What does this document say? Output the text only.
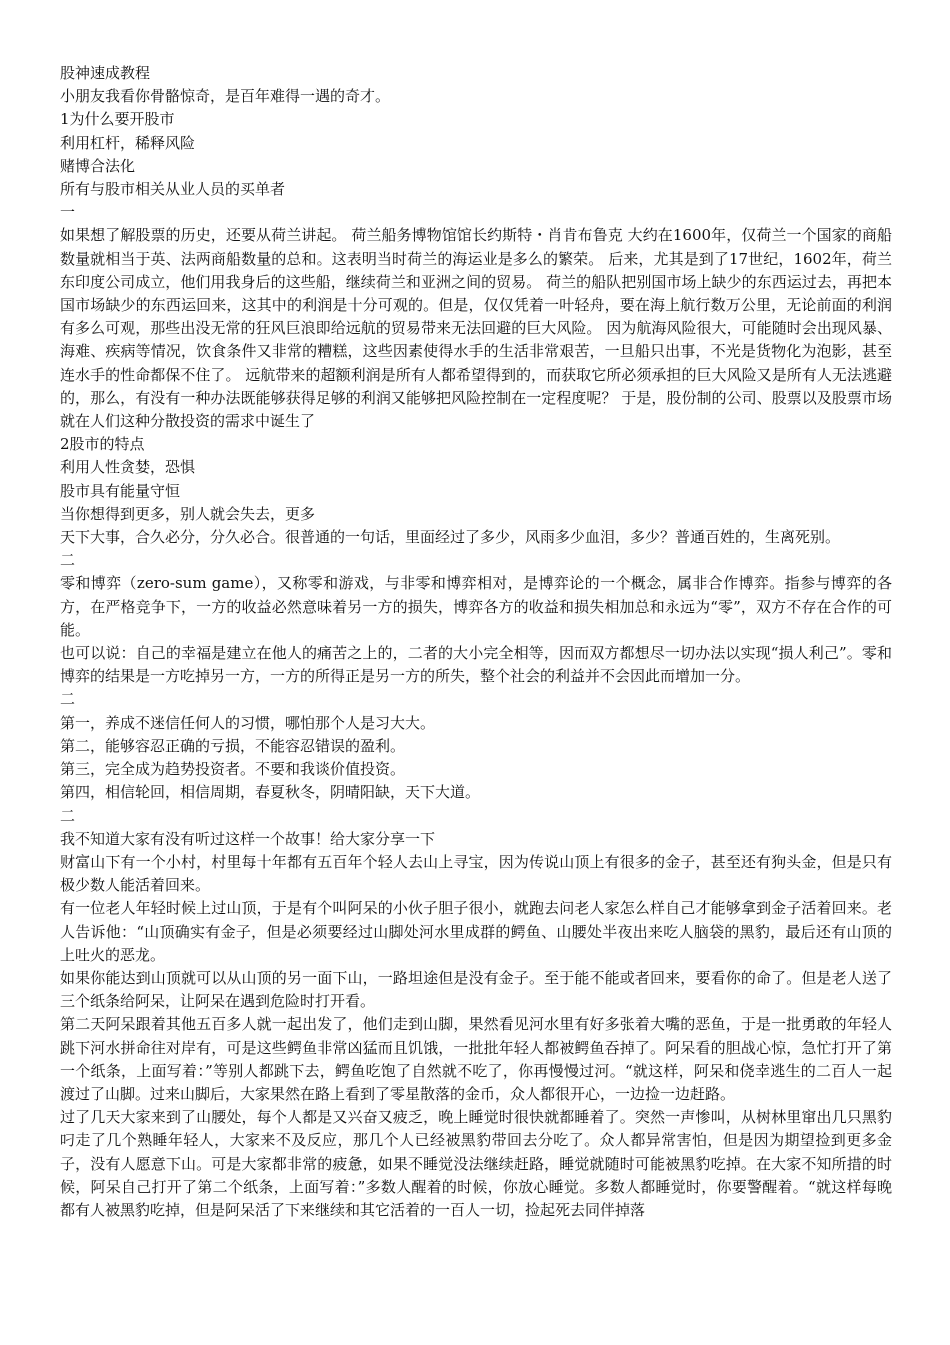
股神速成教程

小朋友我看你骨骼惊奇，是百年难得一遇的奇才。

1为什么要开股市

利用杠杆，稀释风险

赌博合法化

所有与股市相关从业人员的买单者

一

如果想了解股票的历史，还要从荷兰讲起。 荷兰船务博物馆馆长约斯特・肖肯布鲁克 大约在1600年，仅荷兰一个国家的商船数量就相当于英、法两商船数量的总和。这表明当时荷兰的海运业是多么的繁荣。 后来，尤其是到了17世纪，1602年，荷兰东印度公司成立，他们用我身后的这些船，继续荷兰和亚洲之间的贸易。 荷兰的船队把别国市场上缺少的东西运过去，再把本国市场缺少的东西运回来，这其中的利润是十分可观的。但是，仅仅凭着一叶轻舟，要在海上航行数万公里，无论前面的利润有多么可观，那些出没无常的狂风巨浪即给远航的贸易带来无法回避的巨大风险。 因为航海风险很大，可能随时会出现风暴、海难、疾病等情况，饮食条件又非常的糟糕，这些因素使得水手的生活非常艰苦，一旦船只出事，不光是货物化为泡影，甚至连水手的性命都保不住了。 远航带来的超额利润是所有人都希望得到的，而获取它所必须承担的巨大风险又是所有人无法逃避的，那么，有没有一种办法既能够获得足够的利润又能够把风险控制在一定程度呢？ 于是，股份制的公司、股票以及股票市场就在人们这种分散投资的需求中诞生了

2股市的特点

利用人性贪婪，恐惧

股市具有能量守恒

当你想得到更多，别人就会失去，更多

天下大事，合久必分，分久必合。很普通的一句话，里面经过了多少，风雨多少血泪，多少？普通百姓的，生离死别。

二

零和博弈（zero-sum game），又称零和游戏，与非零和博弈相对，是博弈论的一个概念，属非合作博弈。指参与博弈的各方，在严格竞争下，一方的收益必然意味着另一方的损失，博弈各方的收益和损失相加总和永远为“零”，双方不存在合作的可能。

也可以说：自己的幸福是建立在他人的痛苦之上的，二者的大小完全相等，因而双方都想尽一切办法以实现“损人利己”。零和博弈的结果是一方吃掉另一方，一方的所得正是另一方的所失，整个社会的利益并不会因此而增加一分。

二

第一，养成不迷信任何人的习惯，哪怕那个人是习大大。

第二，能够容忍正确的亏损，不能容忍错误的盈利。

第三，完全成为趋势投资者。不要和我谈价值投资。

第四，相信轮回，相信周期，春夏秋冬，阴晴阳缺，天下大道。

二

我不知道大家有没有听过这样一个故事！给大家分享一下

财富山下有一个小村，村里每十年都有五百年个轻人去山上寻宝，因为传说山顶上有很多的金子，甚至还有狗头金，但是只有极少数人能活着回来。

有一位老人年轻时候上过山顶，于是有个叫阿呆的小伙子胆子很小，就跑去问老人家怎么样自己才能够拿到金子活着回来。老人告诉他：“山顶确实有金子，但是必须要经过山脚处河水里成群的鳄鱼、山腰处半夜出来吃人脑袋的黑豹，最后还有山顶的上吐火的恶龙。

如果你能达到山顶就可以从山顶的另一面下山，一路坦途但是没有金子。至于能不能或者回来，要看你的命了。但是老人送了三个纸条给阿呆，让阿呆在遇到危险时打开看。

第二天阿呆跟着其他五百多人就一起出发了，他们走到山脚，果然看见河水里有好多张着大嘴的恶鱼，于是一批勇敢的年轻人跳下河水拼命往对岸有，可是这些鳄鱼非常凶猛而且饥饿，一批批年轻人都被鳄鱼吞掉了。阿呆看的胆战心惊，急忙打开了第一个纸条，上面写着：”等别人都跳下去，鳄鱼吃饱了自然就不吃了，你再慢慢过河。“就这样，阿呆和侥幸逃生的二百人一起渡过了山脚。过来山脚后，大家果然在路上看到了零星散落的金币，众人都很开心，一边捡一边赶路。

过了几天大家来到了山腰处，每个人都是又兴奋又疲乏，晚上睡觉时很快就都睡着了。突然一声惨叫，从树林里窜出几只黑豹叼走了几个熟睡年轻人，大家来不及反应，那几个人已经被黑豹带回去分吃了。众人都异常害怕，但是因为期望捡到更多金子，没有人愿意下山。可是大家都非常的疲惫，如果不睡觉没法继续赶路，睡觉就随时可能被黑豹吃掉。在大家不知所措的时候，阿呆自己打开了第二个纸条，上面写着：”多数人醒着的时候，你放心睡觉。多数人都睡觉时，你要警醒着。“就这样每晚都有人被黑豹吃掉，但是阿呆活了下来继续和其它活着的一百人一切，捡起死去同伴掉落
